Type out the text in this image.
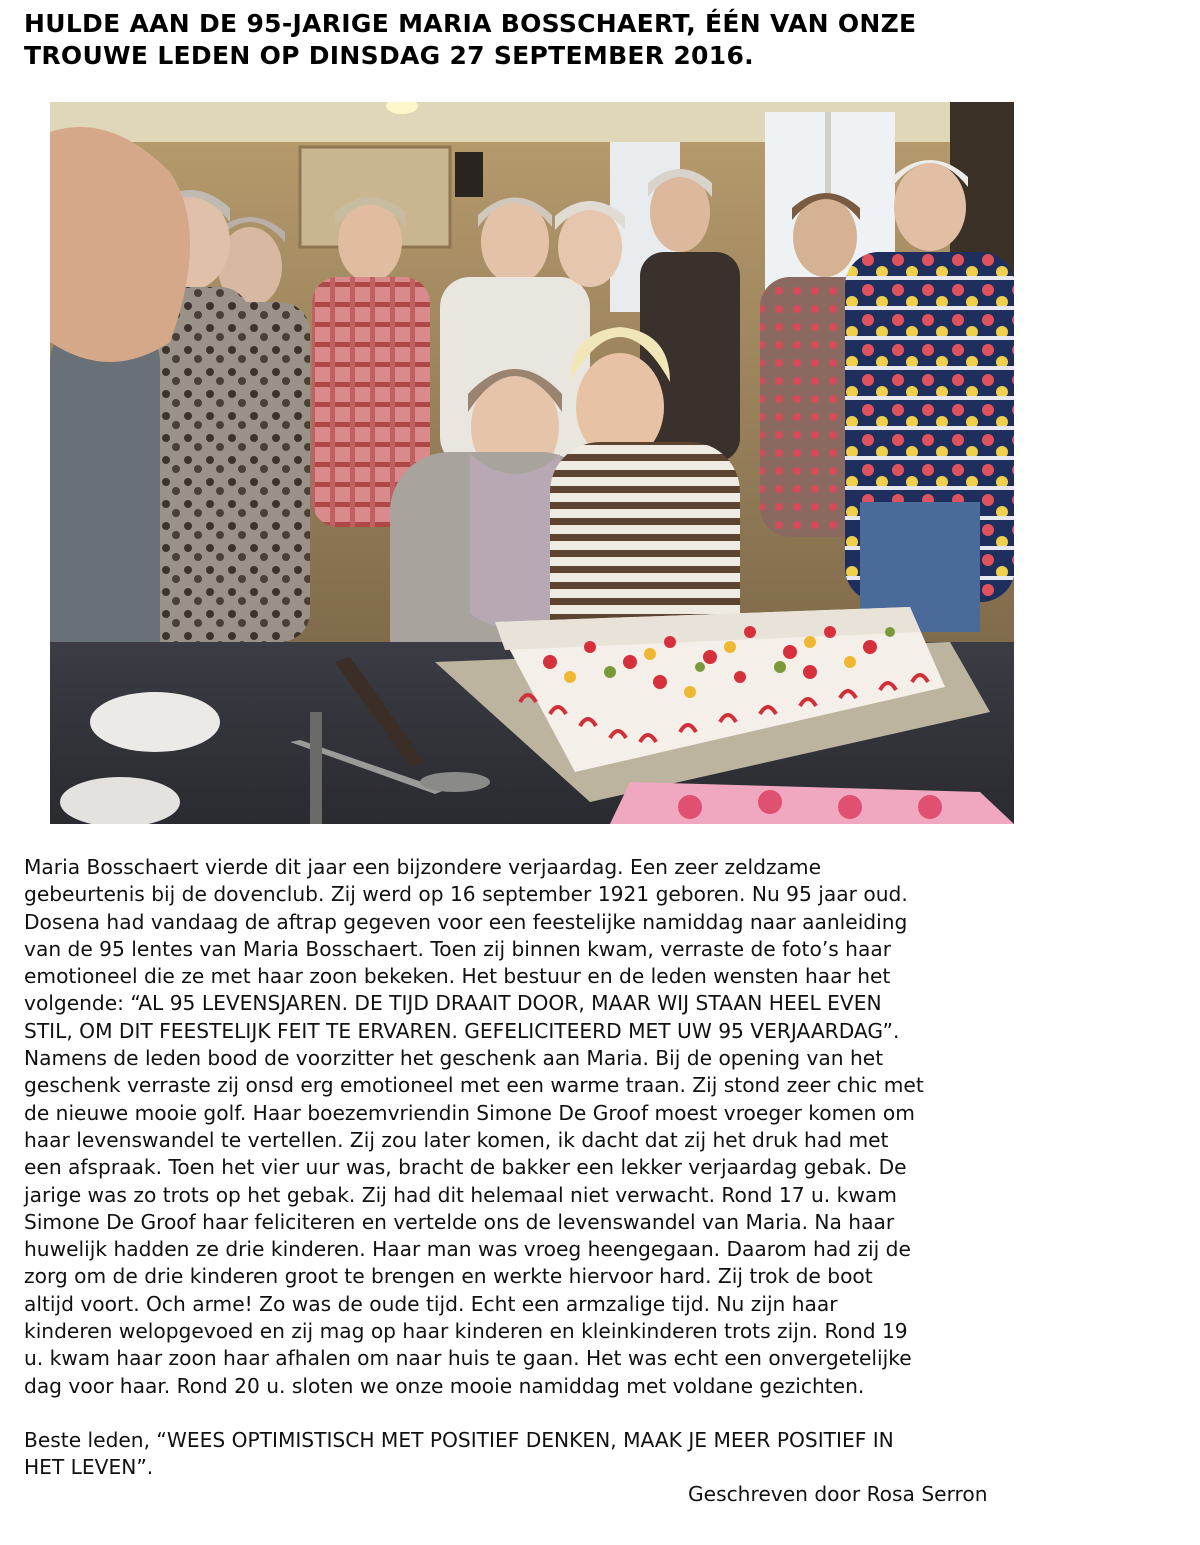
HULDE AAN DE 95-JARIGE MARIA BOSSCHAERT, ÉÉN VAN ONZE
TROUWE LEDEN OP DINSDAG 27 SEPTEMBER 2016.
Maria Bosschaert vierde dit jaar een bijzondere verjaardag. Een zeer zeldzame
gebeurtenis bij de dovenclub. Zij werd op 16 september 1921 geboren. Nu 95 jaar oud.
Dosena had vandaag de aftrap gegeven voor een feestelijke namiddag naar aanleiding
van de 95 lentes van Maria Bosschaert. Toen zij binnen kwam, verraste de foto’s haar
emotioneel die ze met haar zoon bekeken. Het bestuur en de leden wensten haar het
volgende: “AL 95 LEVENSJAREN. DE TIJD DRAAIT DOOR, MAAR WIJ STAAN HEEL EVEN
STIL, OM DIT FEESTELIJK FEIT TE ERVAREN. GEFELICITEERD MET UW 95 VERJAARDAG”.
Namens de leden bood de voorzitter het geschenk aan Maria. Bij de opening van het
geschenk verraste zij onsd erg emotioneel met een warme traan. Zij stond zeer chic met
de nieuwe mooie golf. Haar boezemvriendin Simone De Groof moest vroeger komen om
haar levenswandel te vertellen. Zij zou later komen, ik dacht dat zij het druk had met
een afspraak. Toen het vier uur was, bracht de bakker een lekker verjaardag gebak. De
jarige was zo trots op het gebak. Zij had dit helemaal niet verwacht. Rond 17 u. kwam
Simone De Groof haar feliciteren en vertelde ons de levenswandel van Maria. Na haar
huwelijk hadden ze drie kinderen. Haar man was vroeg heengegaan. Daarom had zij de
zorg om de drie kinderen groot te brengen en werkte hiervoor hard. Zij trok de boot
altijd voort. Och arme! Zo was de oude tijd. Echt een armzalige tijd. Nu zijn haar
kinderen welopgevoed en zij mag op haar kinderen en kleinkinderen trots zijn. Rond 19
u. kwam haar zoon haar afhalen om naar huis te gaan. Het was echt een onvergetelijke
dag voor haar. Rond 20 u. sloten we onze mooie namiddag met voldane gezichten.
Beste leden, “WEES OPTIMISTISCH MET POSITIEF DENKEN, MAAK JE MEER POSITIEF IN
HET LEVEN”.
Geschreven door Rosa Serron
